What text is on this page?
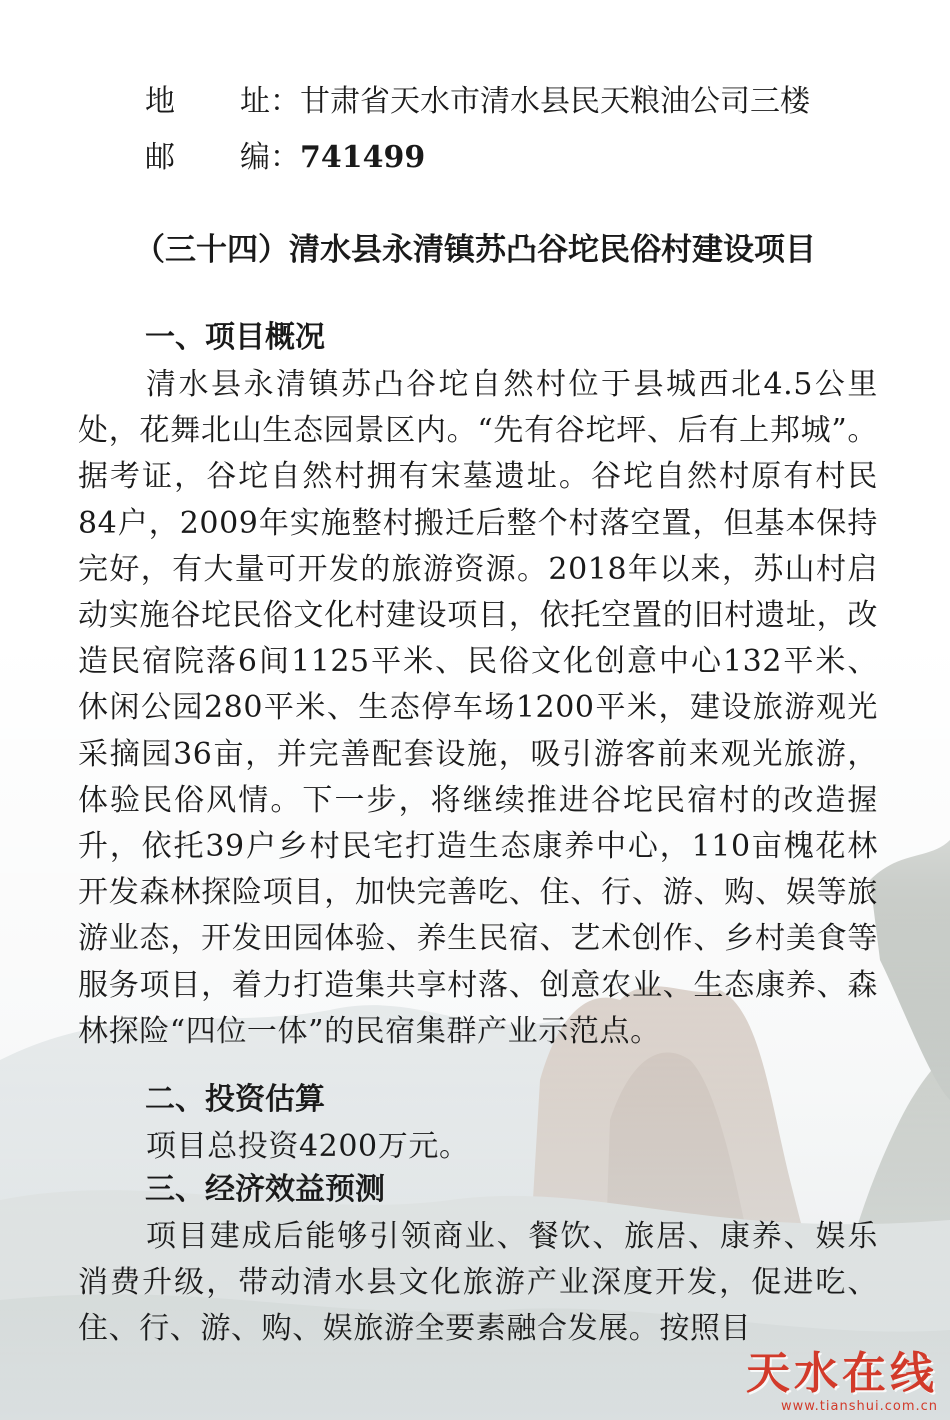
地 址：甘肃省天水市清水县民天粮油公司三楼
邮 编：741499
（三十四）清水县永清镇苏凸谷坨民俗村建设项目
一、项目概况

清水县永清镇苏凸谷坨自然村位于县城西北4.5公里处，花舞北山生态园景区内。“先有谷坨坪、后有上邦城”。据考证，谷坨自然村拥有宋墓遗址。谷坨自然村原有村民84户，2009年实施整村搬迁后整个村落空置，但基本保持完好，有大量可开发的旅游资源。2018年以来，苏山村启动实施谷坨民俗文化村建设项目，依托空置的旧村遗址，改造民宿院落6间1125平米、民俗文化创意中心132平米、休闲公园280平米、生态停车场1200平米，建设旅游观光采摘园36亩，并完善配套设施，吸引游客前来观光旅游，体验民俗风情。下一步，将继续推进谷坨民宿村的改造握升，依托39户乡村民宅打造生态康养中心，110亩槐花林开发森林探险项目，加快完善吃、住、行、游、购、娱等旅游业态，开发田园体验、养生民宿、艺术创作、乡村美食等服务项目，着力打造集共享村落、创意农业、生态康养、森林探险“四位一体”的民宿集群产业示范点。

二、投资估算

项目总投资4200万元。

三、经济效益预测

项目建成后能够引领商业、餐饮、旅居、康养、娱乐消费升级，带动清水县文化旅游产业深度开发，促进吃、住、行、游、购、娱旅游全要素融合发展。按照目

天水在线
www.tianshui.com.cn
